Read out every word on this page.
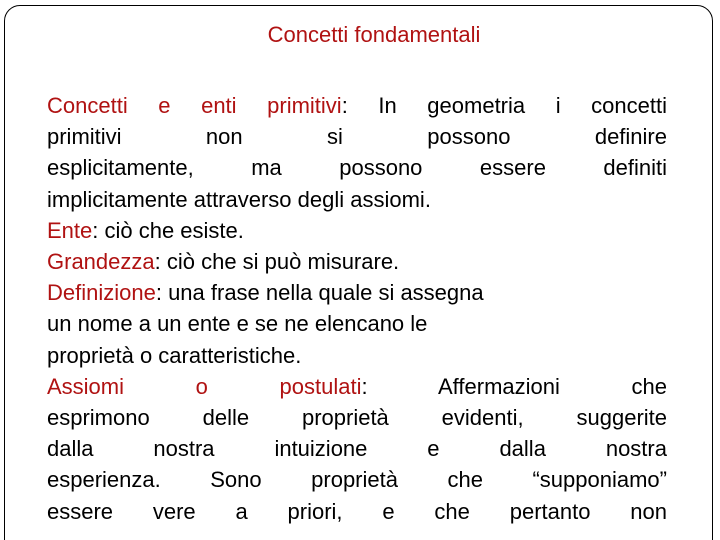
Concetti fondamentali
Concetti e enti primitivi: In geometria i concetti
primitivi non si possono definire
esplicitamente, ma possono essere definiti
implicitamente attraverso degli assiomi.
Ente: ciò che esiste.
Grandezza: ciò che si può misurare.
Definizione: una frase nella quale si assegna
un nome a un ente e se ne elencano le
proprietà o caratteristiche.
Assiomi o postulati: Affermazioni che
esprimono delle proprietà evidenti, suggerite
dalla nostra intuizione e dalla nostra
esperienza. Sono proprietà che “supponiamo”
essere vere a priori, e che pertanto non
